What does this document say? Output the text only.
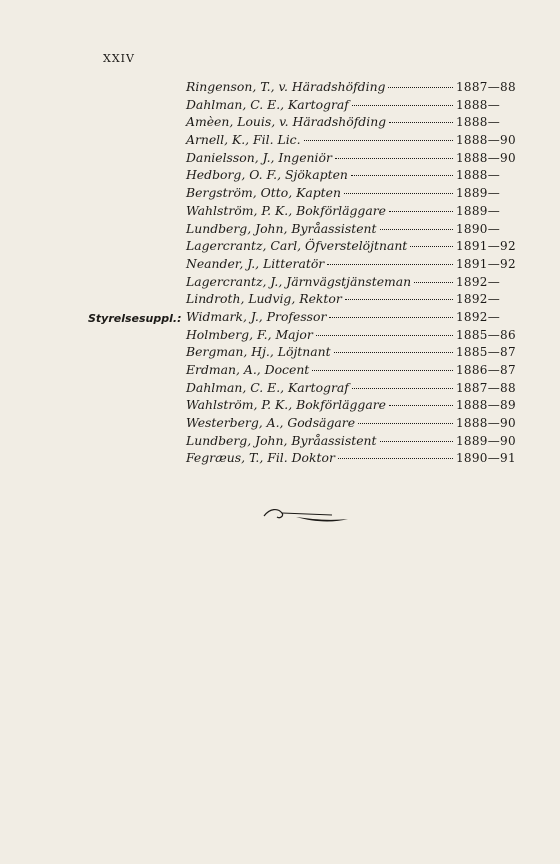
XXIV
Styrelsesuppl.:
Ringenson, T., v. Häradshöfding	1887—88
Dahlman, C. E., Kartograf	1888—
Amèen, Louis, v. Häradshöfding	1888—
Arnell, K., Fil. Lic.	1888—90
Danielsson, J., Ingeniör	1888—90
Hedborg, O. F., Sjökapten	1888—
Bergström, Otto, Kapten	1889—
Wahlström, P. K., Bokförläggare	1889—
Lundberg, John, Byråassistent	1890—
Lagercrantz, Carl, Öfverstelöjtnant	1891—92
Neander, J., Litteratör	1891—92
Lagercrantz, J., Järnvägstjänsteman	1892—
Lindroth, Ludvig, Rektor	1892—
Widmark, J., Professor	1892—
Holmberg, F., Major	1885—86
Bergman, Hj., Löjtnant	1885—87
Erdman, A., Docent	1886—87
Dahlman, C. E., Kartograf	1887—88
Wahlström, P. K., Bokförläggare	1888—89
Westerberg, A., Godsägare	1888—90
Lundberg, John, Byråassistent	1889—90
Fegræus, T., Fil. Doktor	1890—91
